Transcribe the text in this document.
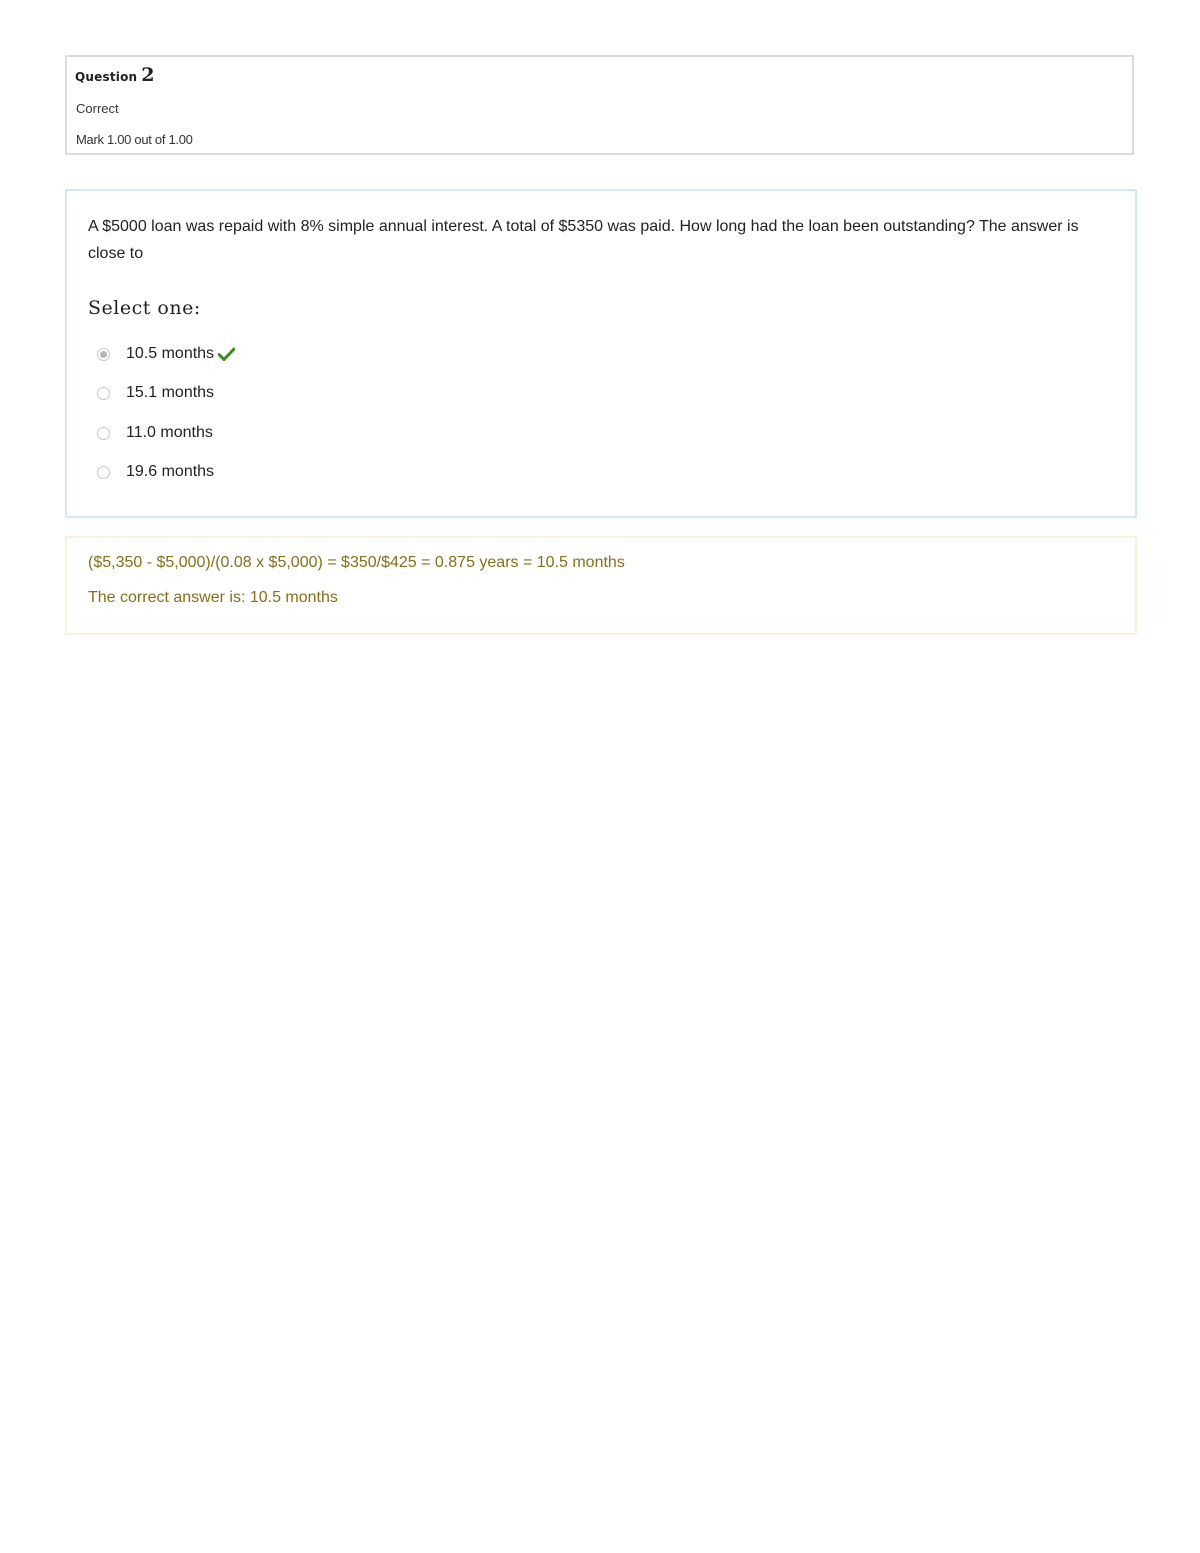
Question 2
Correct
Mark 1.00 out of 1.00
A $5000 loan was repaid with 8% simple annual interest. A total of $5350 was paid. How long had the loan been outstanding? The answer is close to
Select one:
10.5 months
15.1 months
11.0 months
19.6 months
($5,350 - $5,000)/(0.08 x $5,000) = $350/$425 = 0.875 years = 10.5 months
The correct answer is: 10.5 months
